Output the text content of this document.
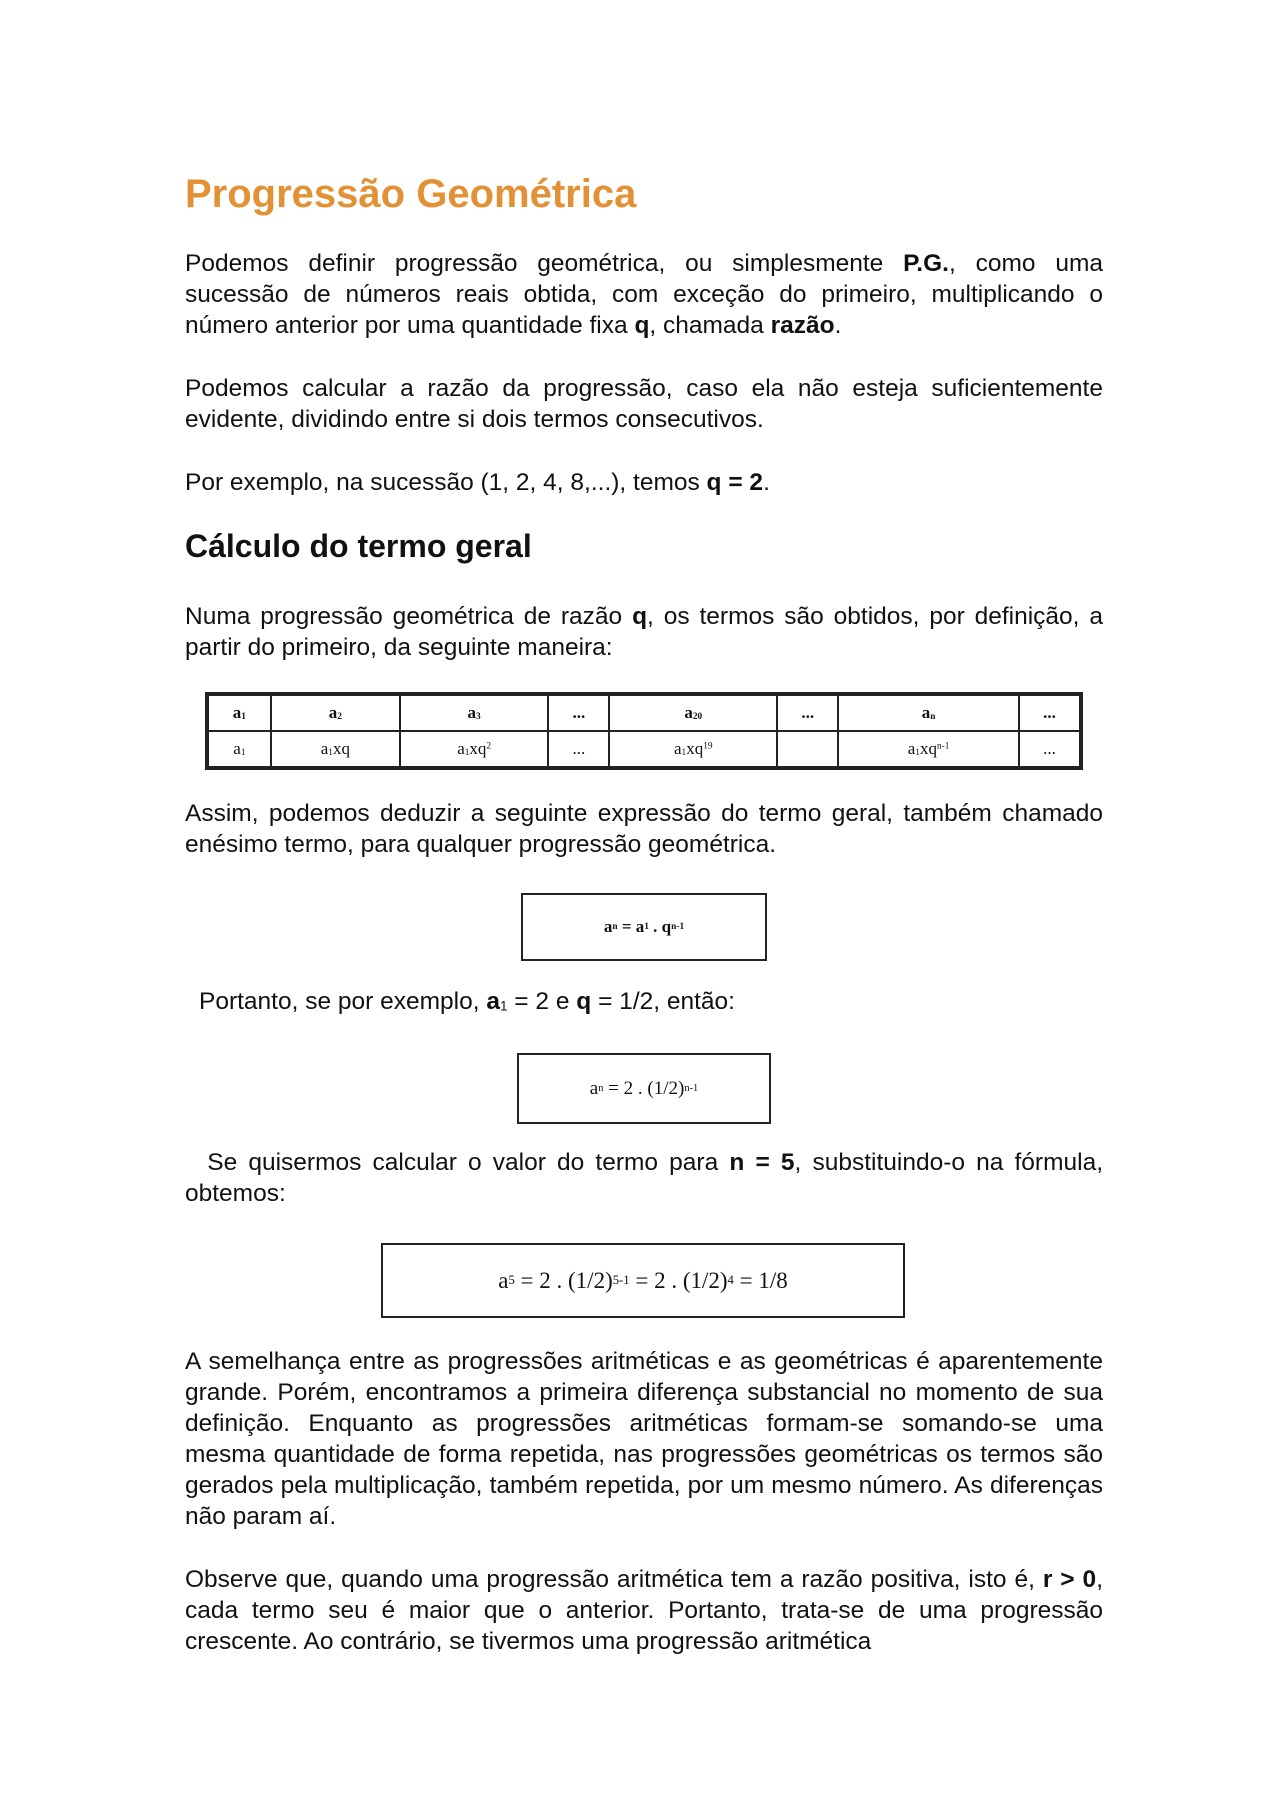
Progressão Geométrica

Podemos definir progressão geométrica, ou simplesmente P.G., como uma sucessão de números reais obtida, com exceção do primeiro, multiplicando o número anterior por uma quantidade fixa q, chamada razão.

Podemos calcular a razão da progressão, caso ela não esteja suficientemente evidente, dividindo entre si dois termos consecutivos.

Por exemplo, na sucessão (1, 2, 4, 8,...), temos q = 2.

Cálculo do termo geral

Numa progressão geométrica de razão q, os termos são obtidos, por definição, a partir do primeiro, da seguinte maneira:

a1	a2	a3	...	a20	...	an	...
a1	a1xq	$a1xq^2$	...	$a1xq^{19}$		$a1xq^{n-1}$	...

Assim, podemos deduzir a seguinte expressão do termo geral, também chamado enésimo termo, para qualquer progressão geométrica.

a n = a 1 . q n-1

Portanto, se por exemplo, a1 = 2 e q = 1/2, então:

a n = 2 . (1/2) n-1

Se quisermos calcular o valor do termo para n = 5, substituindo-o na fórmula, obtemos:

a 5 = 2 . (1/2) 5-1 = 2 . (1/2) 4 = 1/8

A semelhança entre as progressões aritméticas e as geométricas é aparentemente grande. Porém, encontramos a primeira diferença substancial no momento de sua definição. Enquanto as progressões aritméticas formam-se somando-se uma mesma quantidade de forma repetida, nas progressões geométricas os termos são gerados pela multiplicação, também repetida, por um mesmo número. As diferenças não param aí.

Observe que, quando uma progressão aritmética tem a razão positiva, isto é, r > 0, cada termo seu é maior que o anterior. Portanto, trata-se de uma progressão crescente. Ao contrário, se tivermos uma progressão aritmética
